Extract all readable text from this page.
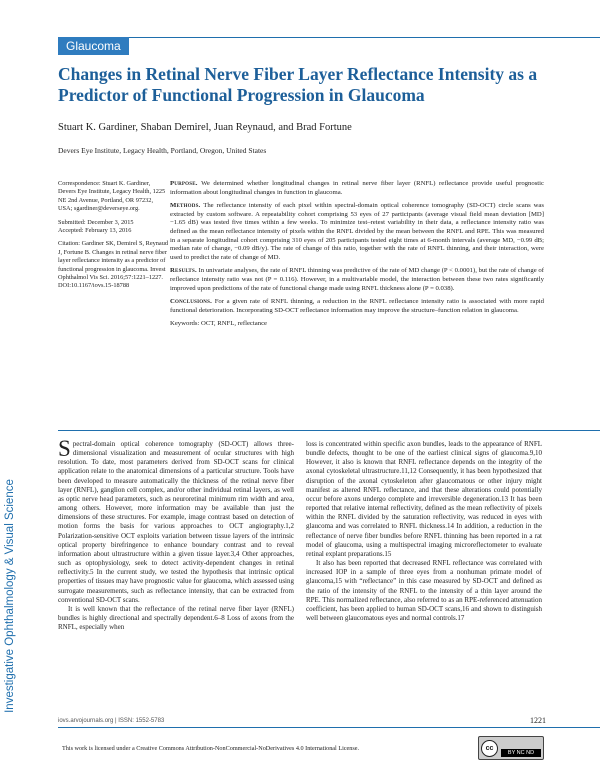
Investigative Ophthalmology & Visual Science
Glaucoma
Changes in Retinal Nerve Fiber Layer Reflectance Intensity as a Predictor of Functional Progression in Glaucoma
Stuart K. Gardiner, Shaban Demirel, Juan Reynaud, and Brad Fortune
Devers Eye Institute, Legacy Health, Portland, Oregon, United States

Correspondence: Stuart K. Gardiner, Devers Eye Institute, Legacy Health, 1225 NE 2nd Avenue, Portland, OR 97232, USA; sgardiner@deverseye.org.

Submitted: December 3, 2015

Accepted: February 13, 2016

Citation: Gardiner SK, Demirel S, Reynaud J, Fortune B. Changes in retinal nerve fiber layer reflectance intensity as a predictor of functional progression in glaucoma. Invest Ophthalmol Vis Sci. 2016;57:1221–1227. DOI:10.1167/iovs.15-18788

Purpose. We determined whether longitudinal changes in retinal nerve fiber layer (RNFL) reflectance provide useful prognostic information about longitudinal changes in function in glaucoma.

Methods. The reflectance intensity of each pixel within spectral-domain optical coherence tomography (SD-OCT) circle scans was extracted by custom software. A repeatability cohort comprising 53 eyes of 27 participants (average visual field mean deviation [MD] −1.65 dB) was tested five times within a few weeks. To minimize test–retest variability in their data, a reflectance intensity ratio was defined as the mean reflectance intensity of pixels within the RNFL divided by the mean between the RNFL and RPE. This was measured in a separate longitudinal cohort comprising 310 eyes of 205 participants tested eight times at 6-month intervals (average MD, −0.99 dB; median rate of change, −0.09 dB/y). The rate of change of this ratio, together with the rate of RNFL thinning, and their interaction, were used to predict the rate of change of MD.

Results. In univariate analyses, the rate of RNFL thinning was predictive of the rate of MD change (P < 0.0001), but the rate of change of reflectance intensity ratio was not (P = 0.116). However, in a multivariable model, the interaction between these two rates significantly improved upon predictions of the rate of functional change made using RNFL thickness alone (P = 0.038).

Conclusions. For a given rate of RNFL thinning, a reduction in the RNFL reflectance intensity ratio is associated with more rapid functional deterioration. Incorporating SD-OCT reflectance information may improve the structure–function relation in glaucoma.

Keywords: OCT, RNFL, reflectance

Spectral-domain optical coherence tomography (SD-OCT) allows three-dimensional visualization and measurement of ocular structures with high resolution. To date, most parameters derived from SD-OCT scans for clinical application relate to the anatomical dimensions of a particular structure. Tools have been developed to measure automatically the thickness of the retinal nerve fiber layer (RNFL), ganglion cell complex, and/or other individual retinal layers, as well as optic nerve head parameters, such as neuroretinal minimum rim width and area, among others. However, more information may be available than just the dimensions of these structures. For example, image contrast based on detection of motion forms the basis for various approaches to OCT angiography.1,2 Polarization-sensitive OCT exploits variation between tissue layers of the intrinsic optical property birefringence to enhance boundary contrast and to reveal information about ultrastructure within a given tissue layer.3,4 Other approaches, such as optophysiology, seek to detect activity-dependent changes in retinal reflectivity.5 In the current study, we tested the hypothesis that intrinsic optical properties of tissues may have prognostic value for glaucoma, which assessed using surrogate measurements, such as reflectance intensity, that can be extracted from conventional SD-OCT scans.

It is well known that the reflectance of the retinal nerve fiber layer (RNFL) bundles is highly directional and spectrally dependent.6–8 Loss of axons from the RNFL, especially when

loss is concentrated within specific axon bundles, leads to the appearance of RNFL bundle defects, thought to be one of the earliest clinical signs of glaucoma.9,10 However, it also is known that RNFL reflectance depends on the integrity of the axonal cytoskeletal ultrastructure.11,12 Consequently, it has been hypothesized that disruption of the axonal cytoskeleton after glaucomatous or other injury might manifest as altered RNFL reflectance, and that these alterations could potentially occur before axons undergo complete and irreversible degeneration.13 It has been reported that relative internal reflectivity, defined as the mean reflectivity of pixels within the RNFL divided by the saturation reflectivity, was reduced in eyes with glaucoma and was correlated to RNFL thickness.14 In addition, a reduction in the reflectance of nerve fiber bundles before RNFL thinning has been reported in a rat model of glaucoma, using a multispectral imaging microreflectometer to evaluate retinal explant preparations.15

It also has been reported that decreased RNFL reflectance was correlated with increased IOP in a sample of three eyes from a nonhuman primate model of glaucoma,15 with “reflectance” in this case measured by SD-OCT and defined as the ratio of the intensity of the RNFL to the intensity of a thin layer around the RPE. This normalized reflectance, also referred to as an RPE-referenced attenuation coefficient, has been applied to human SD-OCT scans,16 and shown to distinguish well between glaucomatous eyes and normal controls.17

iovs.arvojournals.org | ISSN: 1552-5783	1221
This work is licensed under a Creative Commons Attribution-NonCommercial-NoDerivatives 4.0 International License.	cc
BY NC ND
